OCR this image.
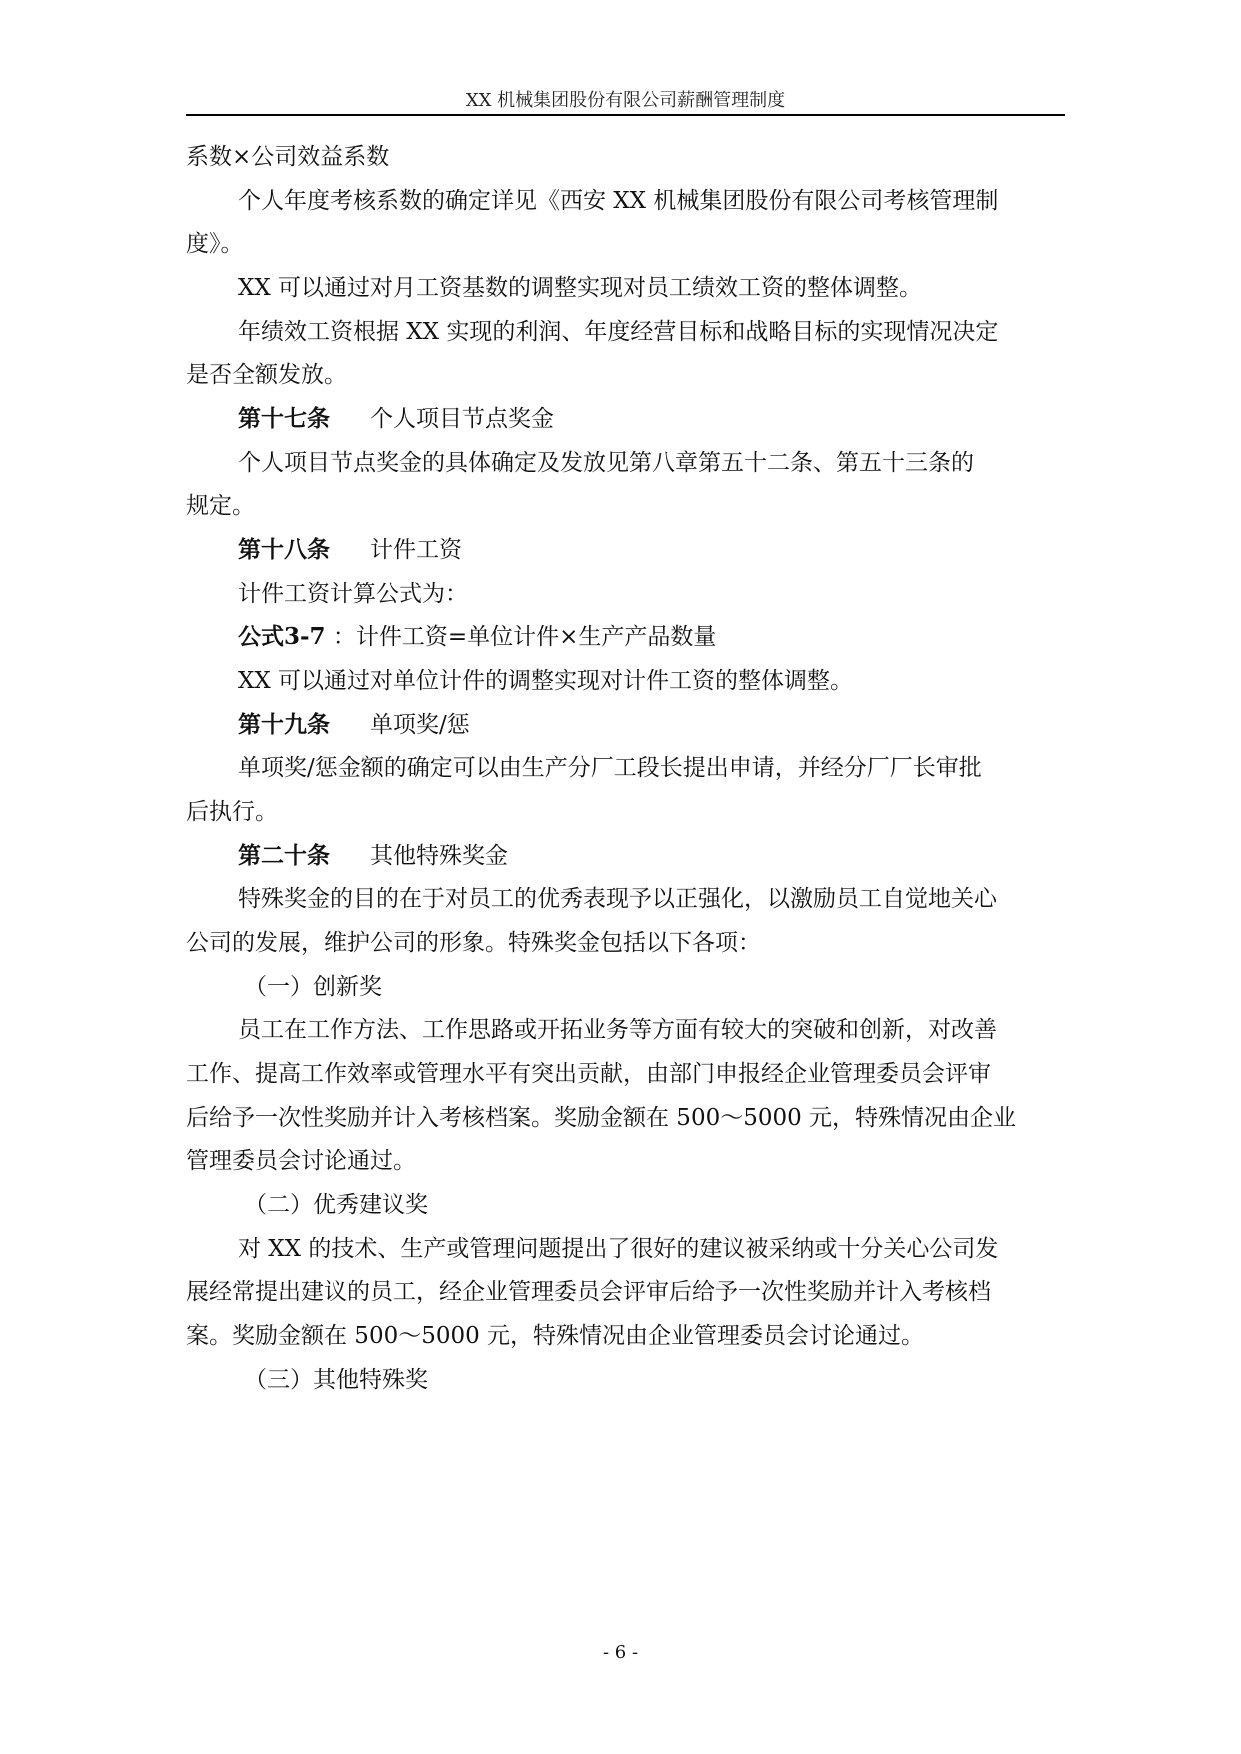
XX 机械集团股份有限公司薪酬管理制度
系数×公司效益系数
个人年度考核系数的确定详见《西安 XX 机械集团股份有限公司考核管理制
度》。
XX 可以通过对月工资基数的调整实现对员工绩效工资的整体调整。
年绩效工资根据 XX 实现的利润、年度经营目标和战略目标的实现情况决定
是否全额发放。
第十七条 个人项目节点奖金
个人项目节点奖金的具体确定及发放见第八章第五十二条、第五十三条的
规定。
第十八条 计件工资
计件工资计算公式为：
公式3-7 ：计件工资=单位计件×生产产品数量
XX 可以通过对单位计件的调整实现对计件工资的整体调整。
第十九条 单项奖/惩
单项奖/惩金额的确定可以由生产分厂工段长提出申请，并经分厂厂长审批
后执行。
第二十条 其他特殊奖金
特殊奖金的目的在于对员工的优秀表现予以正强化，以激励员工自觉地关心
公司的发展，维护公司的形象。特殊奖金包括以下各项：
（一）创新奖
员工在工作方法、工作思路或开拓业务等方面有较大的突破和创新，对改善
工作、提高工作效率或管理水平有突出贡献，由部门申报经企业管理委员会评审
后给予一次性奖励并计入考核档案。奖励金额在 500～5000 元，特殊情况由企业
管理委员会讨论通过。
（二）优秀建议奖
对 XX 的技术、生产或管理问题提出了很好的建议被采纳或十分关心公司发
展经常提出建议的员工，经企业管理委员会评审后给予一次性奖励并计入考核档
案。奖励金额在 500～5000 元，特殊情况由企业管理委员会讨论通过。
（三）其他特殊奖
- 6 -
